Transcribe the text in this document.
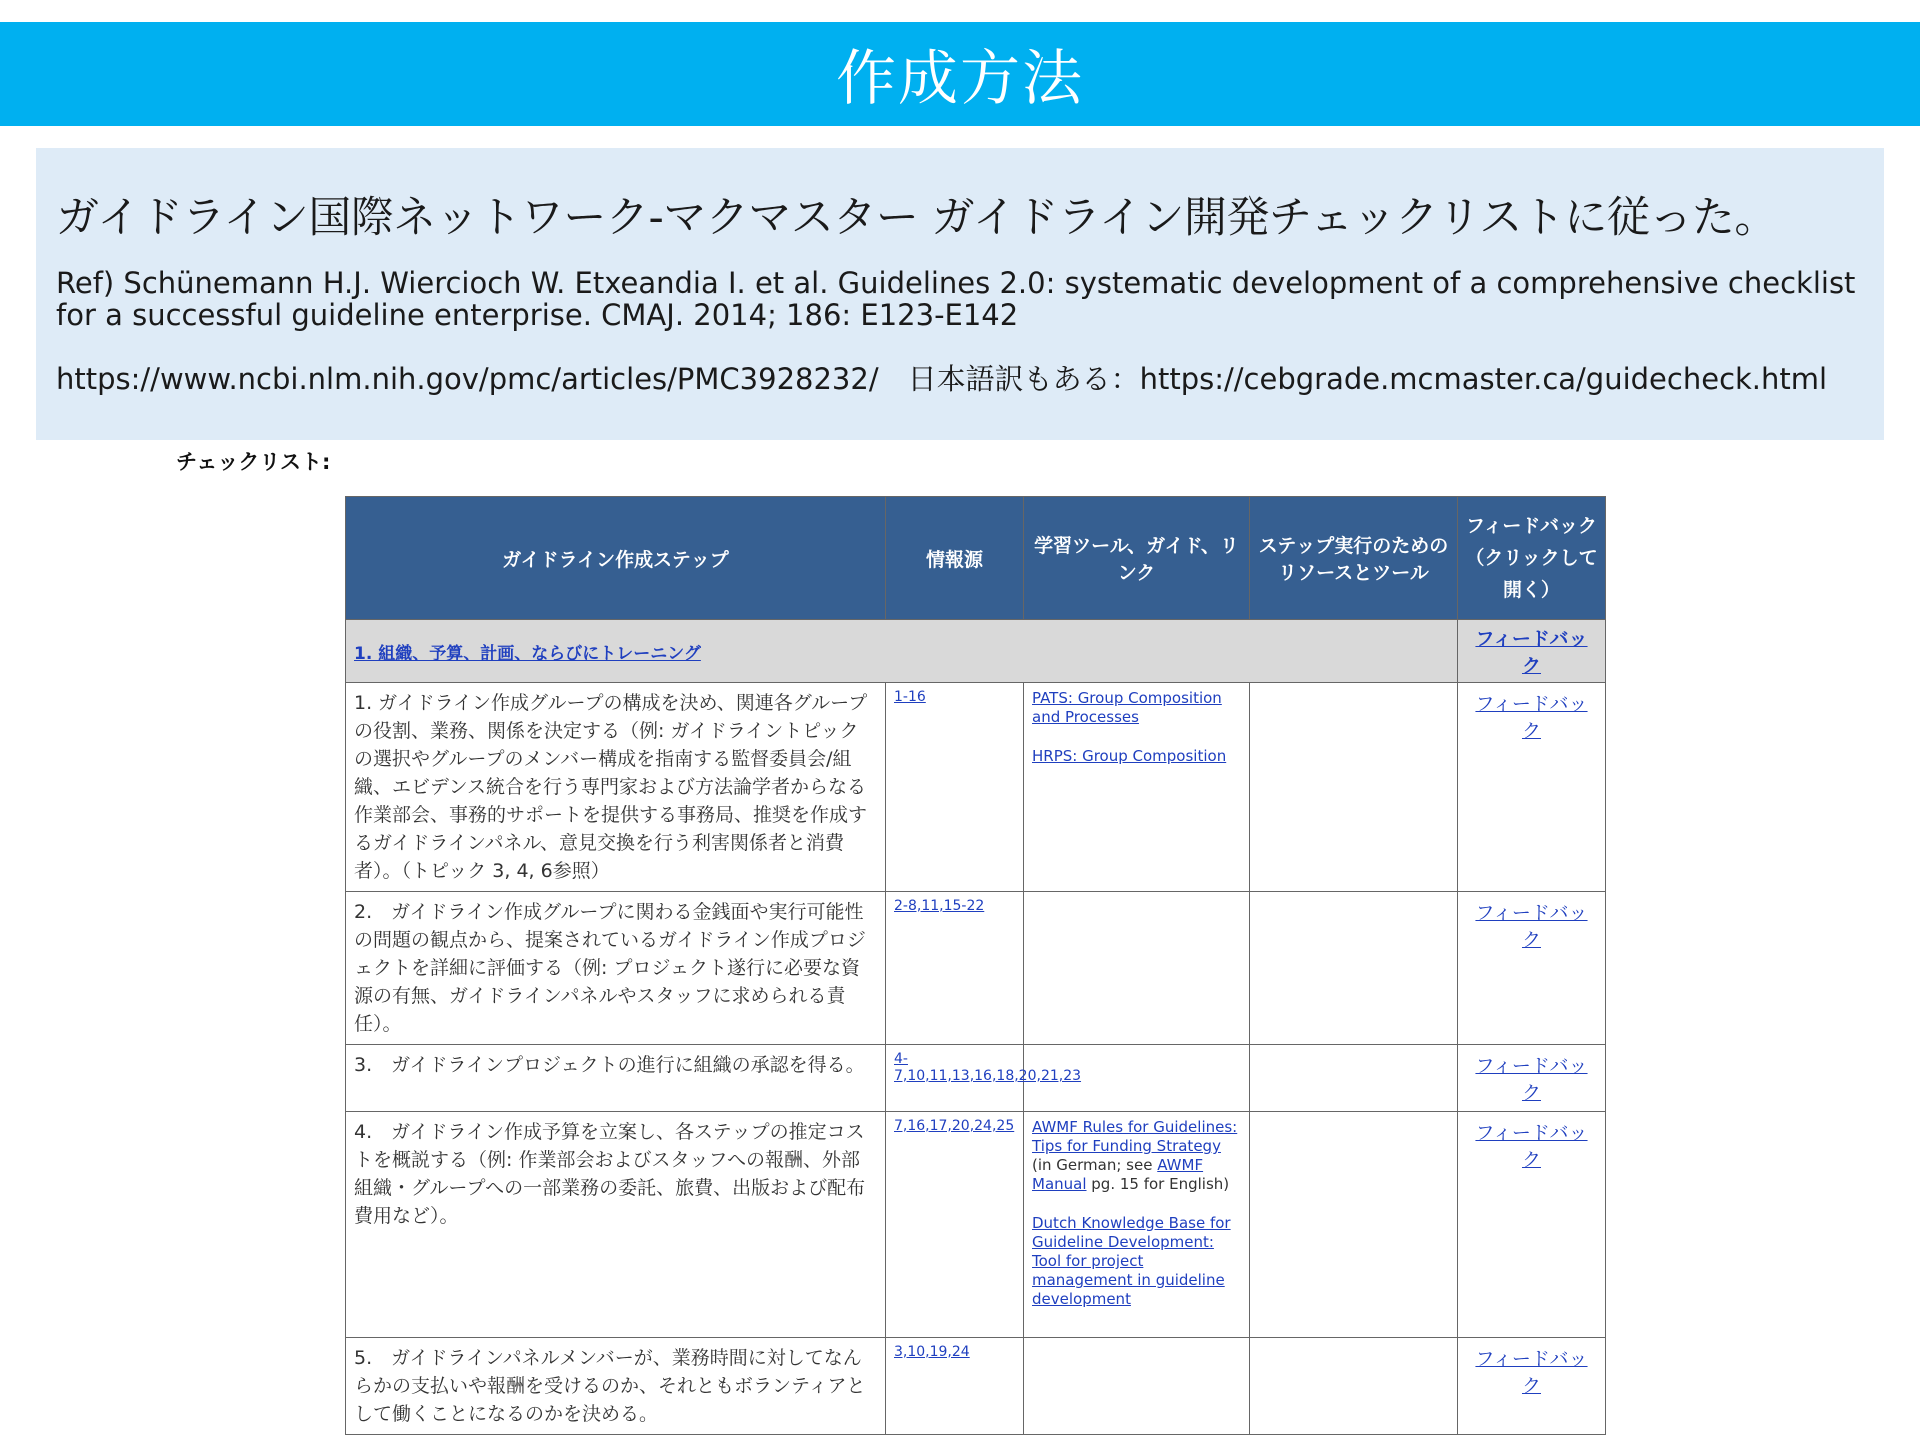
作成方法

ガイドライン国際ネットワーク-マクマスター ガイドライン開発チェックリストに従った。

Ref) Schünemann H.J. Wiercioch W. Etxeandia I. et al. Guidelines 2.0: systematic development of a comprehensive checklist for a successful guideline enterprise. CMAJ. 2014; 186: E123-E142

https://www.ncbi.nlm.nih.gov/pmc/articles/PMC3928232/　日本語訳もある：https://cebgrade.mcmaster.ca/guidecheck.html

チェックリスト:
ガイドライン作成ステップ	情報源	学習ツール、ガイド、リンク	ステップ実行のためのリソースとツール	フィードバック
（クリックして開く）

1. 組織、予算、計画、ならびにトレーニング				フィードバック
1. ガイドライン作成グループの構成を決め、関連各グループの役割、業務、関係を決定する（例: ガイドライントピックの選択やグループのメンバー構成を指南する監督委員会/組織、エビデンス統合を行う専門家および方法論学者からなる作業部会、事務的サポートを提供する事務局、推奨を作成するガイドラインパネル、意見交換を行う利害関係者と消費者）。（トピック 3, 4, 6参照）	1-16	PATS: Group Composition and Processes
HRPS: Group Composition		フィードバック
2.　ガイドライン作成グループに関わる金銭面や実行可能性の問題の観点から、提案されているガイドライン作成プロジェクトを詳細に評価する（例: プロジェクト遂行に必要な資源の有無、ガイドラインパネルやスタッフに求められる責任）。	2-8,11,15-22			フィードバック
3.　ガイドラインプロジェクトの進行に組織の承認を得る。	4-7,10,11,13,16,18,20,21,23			フィードバック
4.　ガイドライン作成予算を立案し、各ステップの推定コストを概説する（例: 作業部会およびスタッフへの報酬、外部組織・グループへの一部業務の委託、旅費、出版および配布費用など）。	7,16,17,20,24,25	AWMF Rules for Guidelines: Tips for Funding Strategy (in German; see AWMF Manual pg. 15 for English)
Dutch Knowledge Base for Guideline Development: Tool for project management in guideline development		フィードバック
5.　ガイドラインパネルメンバーが、業務時間に対してなんらかの支払いや報酬を受けるのか、それともボランティアとして働くことになるのかを決める。	3,10,19,24			フィードバック
